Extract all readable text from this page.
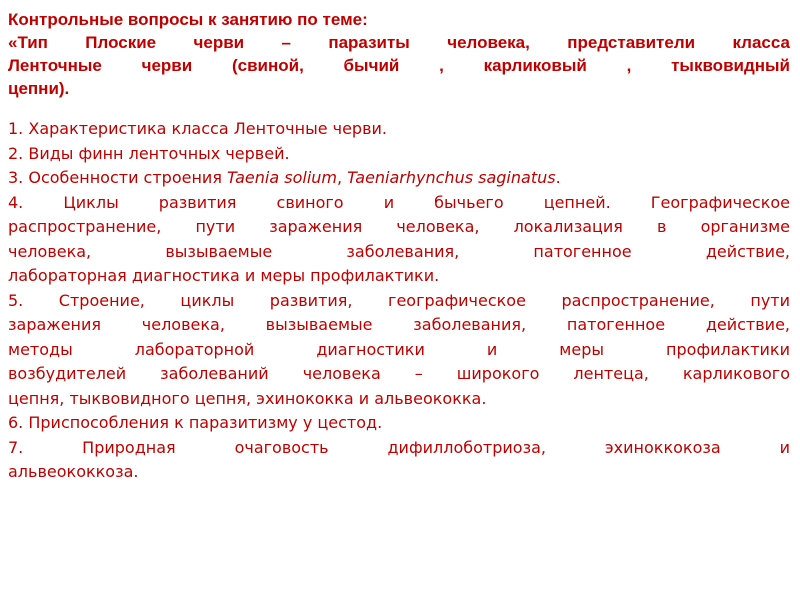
Контрольные вопросы к занятию по теме:
«Тип Плоские черви – паразиты человека, представители класса
Ленточные черви (свиной, бычий , карликовый , тыквовидный
цепни).
1. Характеристика класса Ленточные черви.
2. Виды финн ленточных червей.
3. Особенности строения Taenia solium, Taeniarhynchus saginatus.
4. Циклы развития свиного и бычьего цепней. Географическое
распространение, пути заражения человека, локализация в организме
человека, вызываемые заболевания, патогенное действие,
лабораторная диагностика и меры профилактики.
5. Строение, циклы развития, географическое распространение, пути
заражения человека, вызываемые заболевания, патогенное действие,
методы лабораторной диагностики и меры профилактики
возбудителей заболеваний человека – широкого лентеца, карликового
цепня, тыквовидного цепня, эхинококка и альвеококка.
6. Приспособления к паразитизму у цестод.
7. Природная очаговость дифиллоботриоза, эхиноккокоза и
альвеококкоза.
